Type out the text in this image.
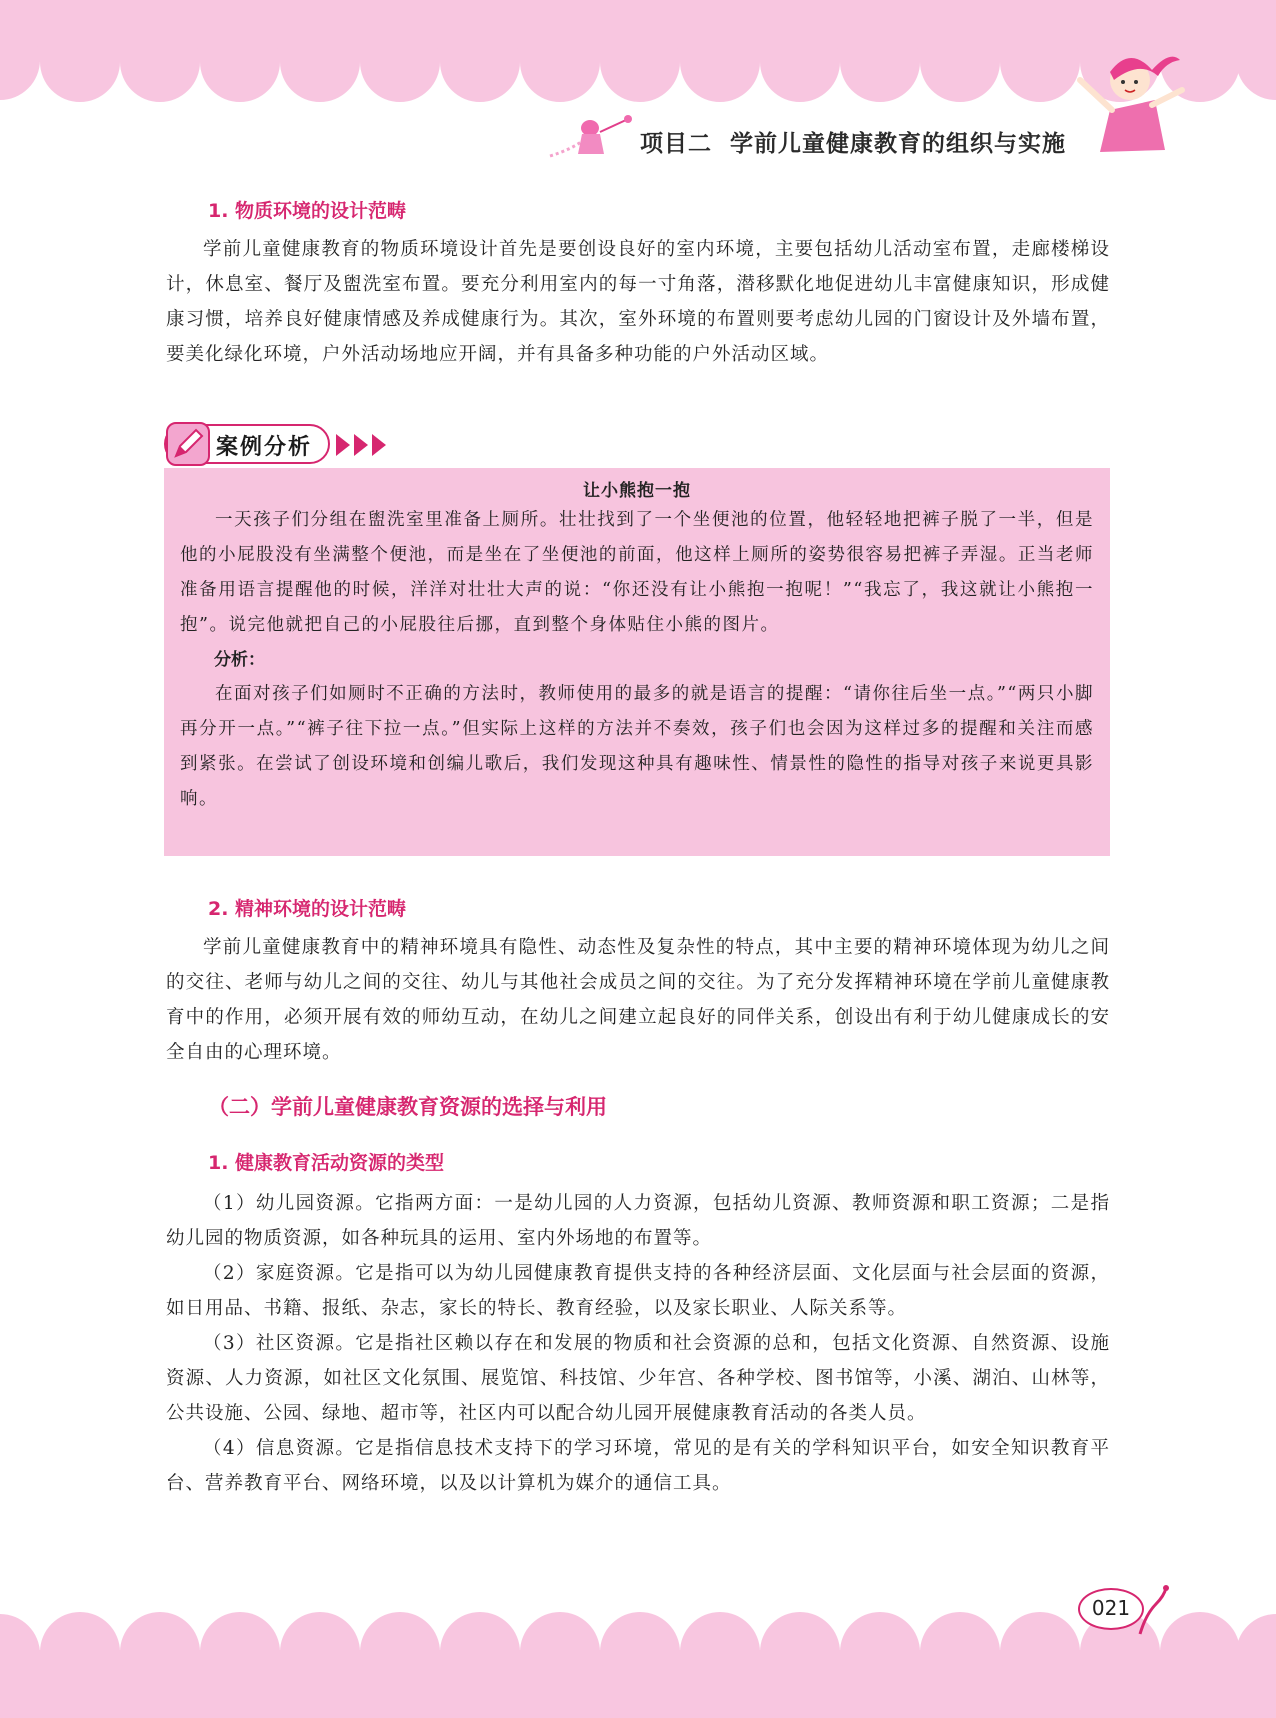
项目二 学前儿童健康教育的组织与实施

1. 物质环境的设计范畴

学前儿童健康教育的物质环境设计首先是要创设良好的室内环境，主要包括幼儿活动室布置，走廊楼梯设计，休息室、餐厅及盥洗室布置。要充分利用室内的每一寸角落，潜移默化地促进幼儿丰富健康知识，形成健康习惯，培养良好健康情感及养成健康行为。其次，室外环境的布置则要考虑幼儿园的门窗设计及外墙布置，要美化绿化环境，户外活动场地应开阔，并有具备多种功能的户外活动区域。

案例分析

让小熊抱一抱

一天孩子们分组在盥洗室里准备上厕所。壮壮找到了一个坐便池的位置，他轻轻地把裤子脱了一半，但是他的小屁股没有坐满整个便池，而是坐在了坐便池的前面，他这样上厕所的姿势很容易把裤子弄湿。正当老师准备用语言提醒他的时候，洋洋对壮壮大声的说：“你还没有让小熊抱一抱呢！”“我忘了，我这就让小熊抱一抱”。说完他就把自己的小屁股往后挪，直到整个身体贴住小熊的图片。

分析：

在面对孩子们如厕时不正确的方法时，教师使用的最多的就是语言的提醒：“请你往后坐一点。”“两只小脚再分开一点。”“裤子往下拉一点。”但实际上这样的方法并不奏效，孩子们也会因为这样过多的提醒和关注而感到紧张。在尝试了创设环境和创编儿歌后，我们发现这种具有趣味性、情景性的隐性的指导对孩子来说更具影响。

2. 精神环境的设计范畴

学前儿童健康教育中的精神环境具有隐性、动态性及复杂性的特点，其中主要的精神环境体现为幼儿之间的交往、老师与幼儿之间的交往、幼儿与其他社会成员之间的交往。为了充分发挥精神环境在学前儿童健康教育中的作用，必须开展有效的师幼互动，在幼儿之间建立起良好的同伴关系，创设出有利于幼儿健康成长的安全自由的心理环境。

（二）学前儿童健康教育资源的选择与利用

1. 健康教育活动资源的类型

（1）幼儿园资源。它指两方面：一是幼儿园的人力资源，包括幼儿资源、教师资源和职工资源；二是指幼儿园的物质资源，如各种玩具的运用、室内外场地的布置等。

（2）家庭资源。它是指可以为幼儿园健康教育提供支持的各种经济层面、文化层面与社会层面的资源，如日用品、书籍、报纸、杂志，家长的特长、教育经验，以及家长职业、人际关系等。

（3）社区资源。它是指社区赖以存在和发展的物质和社会资源的总和，包括文化资源、自然资源、设施资源、人力资源，如社区文化氛围、展览馆、科技馆、少年宫、各种学校、图书馆等，小溪、湖泊、山林等，公共设施、公园、绿地、超市等，社区内可以配合幼儿园开展健康教育活动的各类人员。

（4）信息资源。它是指信息技术支持下的学习环境，常见的是有关的学科知识平台，如安全知识教育平台、营养教育平台、网络环境，以及以计算机为媒介的通信工具。

021
